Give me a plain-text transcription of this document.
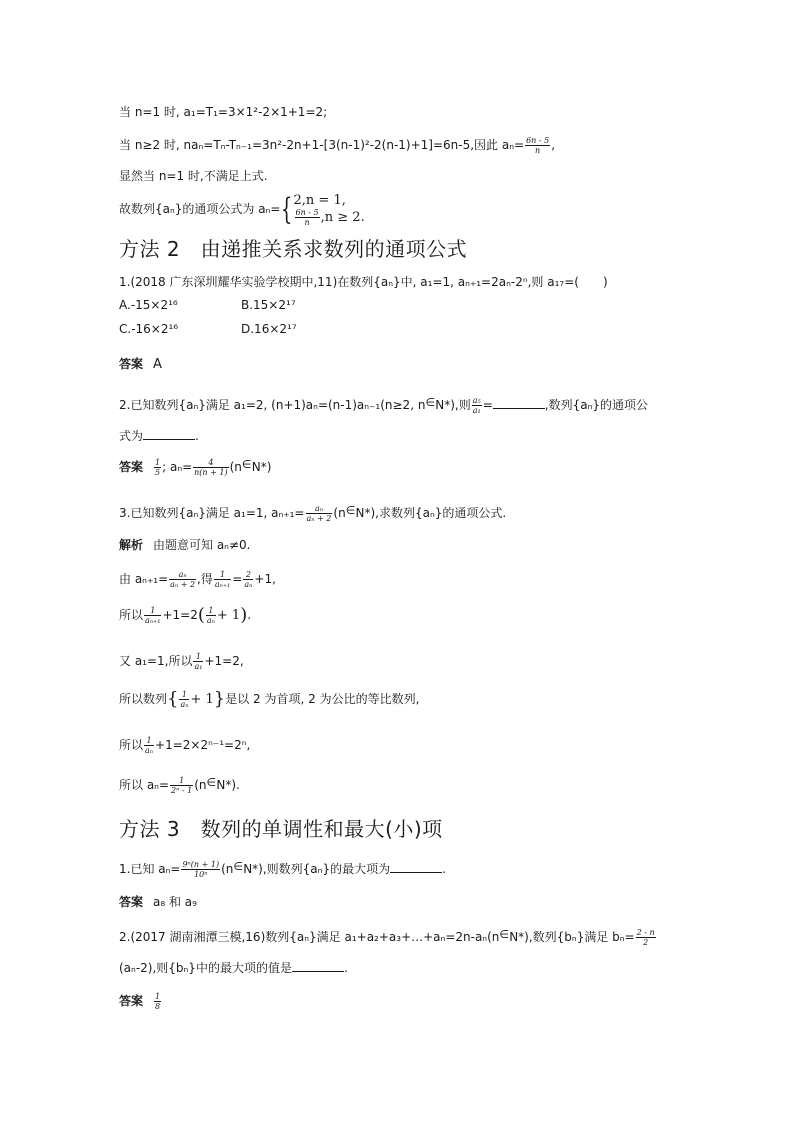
当 n=1 时, a₁=T₁=3×1²-2×1+1=2;
当 n≥2 时, naₙ=Tₙ-Tₙ₋₁=3n²-2n+1-[3(n-1)²-2(n-1)+1]=6n-5,因此 $a_n= \frac{6n - 5}{n}$ ,
显然当 n=1 时,不满足上式.
故数列{aₙ}的通项公式为 aₙ={ 2,n = 1,
$\frac{6n - 5}{n} ,n \ge 2$.
方法 2　由递推关系求数列的通项公式
1.(2018 广东深圳耀华实验学校期中,11)在数列{aₙ}中, a₁=1, aₙ₊₁=2aₙ-2ⁿ,则 a₁₇=(　　)
A.-15×2¹⁶	B.15×2¹⁷
C.-16×2¹⁶	D.16×2¹⁷
答案 A
2.已知数列{aₙ}满足 a₁=2, (n+1)aₙ=(n-1)aₙ₋₁(n≥2, n ∈ N*),则 $\frac{\text{a₅}}{\text{a₁}}$ =	,数列{aₙ}的通项公
式为	.
答案 $\frac{1}{5}$ ; $a_n= \frac{4}{n(n + 1)} (n$ ∈ N*)
3.已知数列{aₙ}满足 a₁=1, $a_{n+1}= \frac{\text{aₙ}}{\text{aₙ + 2}} (n$ ∈ N*),求数列{aₙ}的通项公式.
解析 由题意可知 aₙ≠0.
由 $a_{n+1}= \frac{\text{aₙ}}{\text{aₙ + 2}}$ ,得 $\frac{1}{\text{aₙ₊₁}} = \frac{2}{\text{aₙ}} +1$,
所以 $\frac{1}{\text{aₙ₊₁}} +1=2( \frac{1}{\text{aₙ}} + 1)$.
又 a₁=1,所以 $\frac{1}{\text{a₁}} +1=2$,
所以数列{ $\frac{1}{\text{aₙ}} + 1$}是以 2 为首项, 2 为公比的等比数列,
所以 $\frac{1}{\text{aₙ}} +1=2\times 2^{n-1}=2^n$,
所以 $a_n= \frac{1}{\text{2ⁿ - 1}} (n$ ∈ N*).
方法 3　数列的单调性和最大(小)项
1.已知 $a_n= \frac{\text{9ⁿ(n + 1)}}{\text{10ⁿ}} (n$ ∈ N*),则数列{aₙ}的最大项为	.
答案 a₈ 和 a₉
2.(2017 湖南湘潭三模,16)数列{aₙ}满足 a₁+a₂+a₃+…+aₙ=2n-aₙ(n ∈ N*),数列{bₙ}满足 $b_n= \frac{2 - n}{2}$
(aₙ-2),则{bₙ}中的最大项的值是	.
答案 $\frac{1}{8}$
